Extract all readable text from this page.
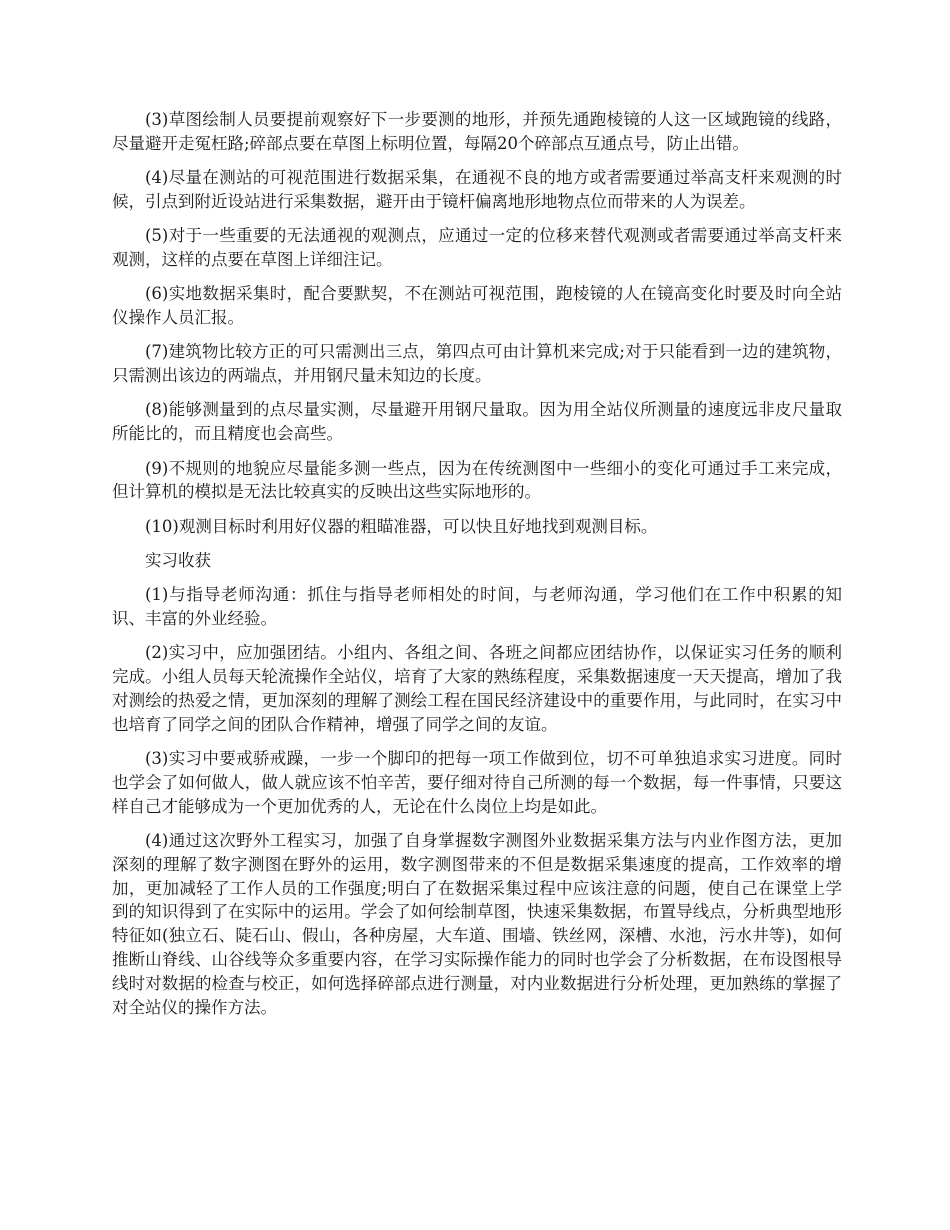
(3)草图绘制人员要提前观察好下一步要测的地形，并预先通跑棱镜的人这一区域跑镜的线路，尽量避开走冤枉路;碎部点要在草图上标明位置，每隔20个碎部点互通点号，防止出错。

(4)尽量在测站的可视范围进行数据采集，在通视不良的地方或者需要通过举高支杆来观测的时候，引点到附近设站进行采集数据，避开由于镜杆偏离地形地物点位而带来的人为误差。

(5)对于一些重要的无法通视的观测点，应通过一定的位移来替代观测或者需要通过举高支杆来观测，这样的点要在草图上详细注记。

(6)实地数据采集时，配合要默契，不在测站可视范围，跑棱镜的人在镜高变化时要及时向全站仪操作人员汇报。

(7)建筑物比较方正的可只需测出三点，第四点可由计算机来完成;对于只能看到一边的建筑物，只需测出该边的两端点，并用钢尺量未知边的长度。

(8)能够测量到的点尽量实测，尽量避开用钢尺量取。因为用全站仪所测量的速度远非皮尺量取所能比的，而且精度也会高些。

(9)不规则的地貌应尽量能多测一些点，因为在传统测图中一些细小的变化可通过手工来完成，但计算机的模拟是无法比较真实的反映出这些实际地形的。

(10)观测目标时利用好仪器的粗瞄准器，可以快且好地找到观测目标。

实习收获

(1)与指导老师沟通：抓住与指导老师相处的时间，与老师沟通，学习他们在工作中积累的知识、丰富的外业经验。

(2)实习中，应加强团结。小组内、各组之间、各班之间都应团结协作，以保证实习任务的顺利完成。小组人员每天轮流操作全站仪，培育了大家的熟练程度，采集数据速度一天天提高，增加了我对测绘的热爱之情，更加深刻的理解了测绘工程在国民经济建设中的重要作用，与此同时，在实习中也培育了同学之间的团队合作精神，增强了同学之间的友谊。

(3)实习中要戒骄戒躁，一步一个脚印的把每一项工作做到位，切不可单独追求实习进度。同时也学会了如何做人，做人就应该不怕辛苦，要仔细对待自己所测的每一个数据，每一件事情，只要这样自己才能够成为一个更加优秀的人，无论在什么岗位上均是如此。

(4)通过这次野外工程实习，加强了自身掌握数字测图外业数据采集方法与内业作图方法，更加深刻的理解了数字测图在野外的运用，数字测图带来的不但是数据采集速度的提高，工作效率的增加，更加减轻了工作人员的工作强度;明白了在数据采集过程中应该注意的问题，使自己在课堂上学到的知识得到了在实际中的运用。学会了如何绘制草图，快速采集数据，布置导线点，分析典型地形特征如(独立石、陡石山、假山，各种房屋，大车道、围墙、铁丝网，深槽、水池，污水井等)，如何推断山脊线、山谷线等众多重要内容，在学习实际操作能力的同时也学会了分析数据，在布设图根导线时对数据的检查与校正，如何选择碎部点进行测量，对内业数据进行分析处理，更加熟练的掌握了对全站仪的操作方法。
